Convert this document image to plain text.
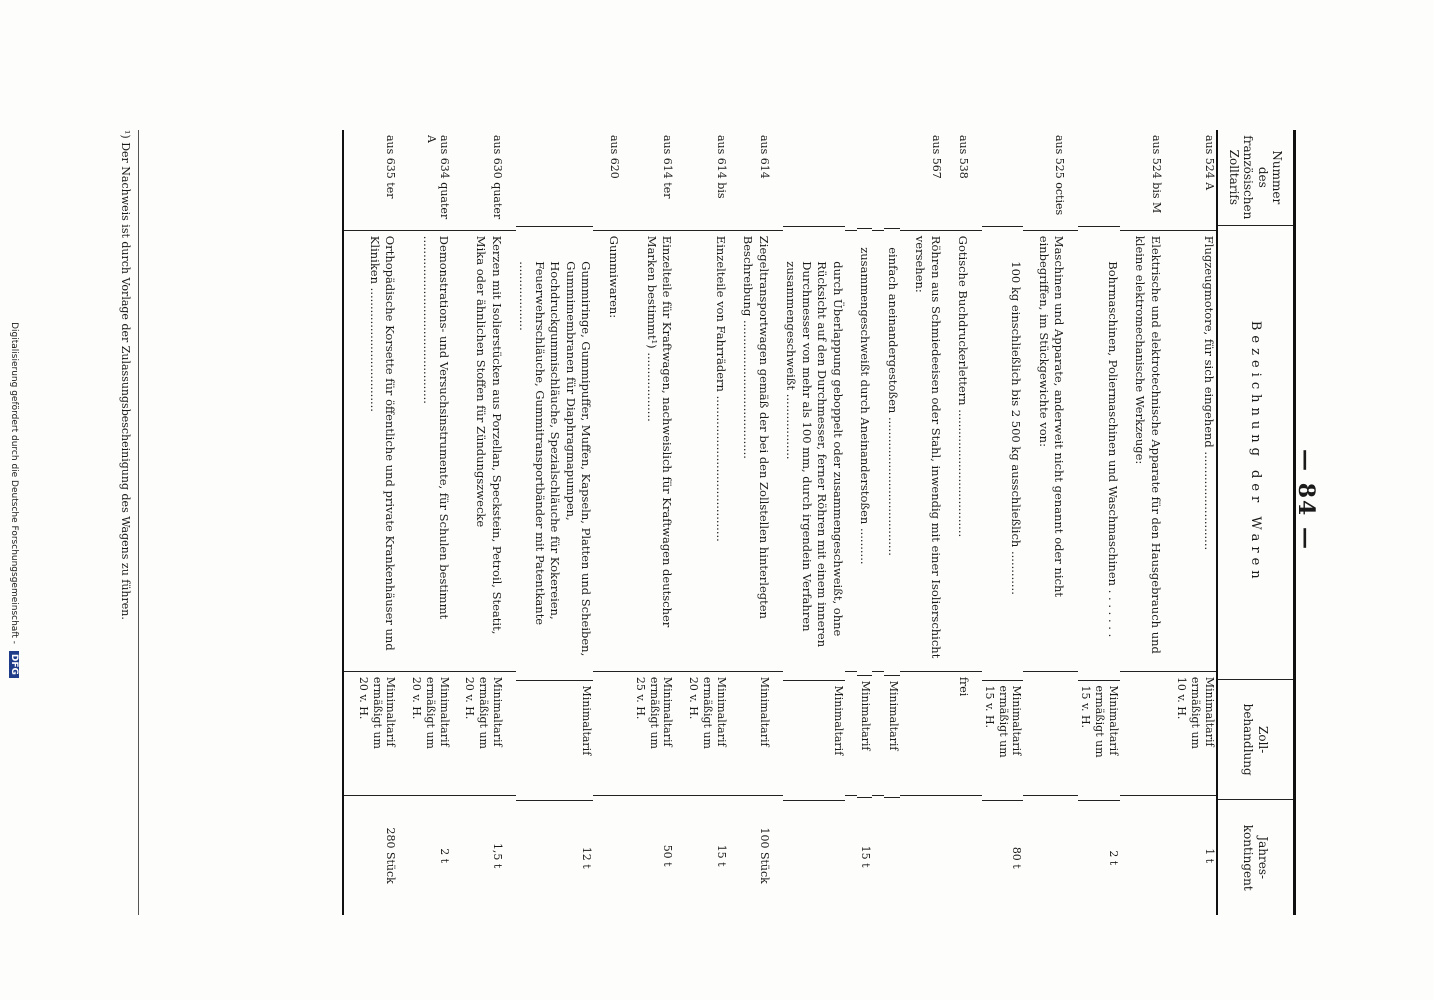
— 84 —
Nummer
des
französischen
Zolltarifs
Bezeichnung der Waren
Zoll-
behandlung
Jahres-
kontingent
aus 524 A
Flugzeugmotore, für sich eingehend ...........................
Minimaltarif
ermäßigt um
10 v. H.
1 t
aus 524 bis M
Elektrische und elektrotechnische Apparate für den Hausgebrauch und kleine elektromechanische Werkzeuge:
Bohrmaschinen, Poliermaschinen und Waschmaschinen . . . . . . .
Minimaltarif
ermäßigt um
15 v. H.
2 t
aus 525 octies
Maschinen und Apparate, anderweit nicht genannt oder nicht einbegriffen, im Stückgewichte von:
100 kg einschließlich bis 2 500 kg ausschließlich ............
Minimaltarif
ermäßigt um
15 v. H.
80 t
aus 538
Gotische Buchdruckerlettern ...................................
frei
aus 567
Röhren aus Schmiedeeisen oder Stahl, inwendig mit einer Isolierschicht versehen:
einfach aneinandergestoßen ......................................
Minimaltarif
zusammengeschweißt durch Aneinanderstoßen ..........
Minimaltarif
15 t
durch Überlappung geboppelt oder zusammengeschweißt, ohne Rücksicht auf den Durchmesser, ferner Röhren mit einem inneren Durchmesser von mehr als 100 mm, durch irgendein Verfahren zusammengeschweißt ..................
Minimaltarif
aus 614
Ziegeltransportwagen gemäß der bei den Zollstellen hinterlegten Beschreibung ......................................
Minimaltarif
100 Stück
aus 614 bis
Einzelteile von Fahrrädern ........................................
Minimaltarif
ermäßigt um
20 v. H.
15 t
aus 614 ter
Einzelteile für Kraftwagen, nachweislich für Kraftwagen deutscher Marken bestimmt¹) ...................
Minimaltarif
ermäßigt um
25 v. H.
50 t
aus 620
Gummiwaren:
Gummiringe, Gummipuffer, Muffen, Kapseln, Platten und Scheiben, Gummimembranen für Diaphragmapumpen, Hochdruckgummischläuche, Spezialschläuche für Kokereien, Feuerwehrschläuche, Gummitransportbänder mit Patentkante ...................
Minimaltarif
12 t
aus 630 quater
Kerzen mit Isolierstücken aus Porzellan, Speckstein, Petroil, Steatit, Mika oder ähnlichen Stoffen für Zündungszwecke
Minimaltarif
ermäßigt um
20 v. H.
1,5 t
aus 634 quater A
Demonstrations- und Versuchsinstrumente, für Schulen bestimmt ..............................................
Minimaltarif
ermäßigt um
20 v. H.
2 t
aus 635 ter
Orthopädische Korsette für öffentliche und private Krankenhäuser und Kliniken ..................................
Minimaltarif
ermäßigt um
20 v. H.
280 Stück
¹) Der Nachweis ist durch Vorlage der Zulassungsbescheinigung des Wagens zu führen.
Digitalisierung gefördert durch die Deutsche Forschungsgemeinschaft - DFG
